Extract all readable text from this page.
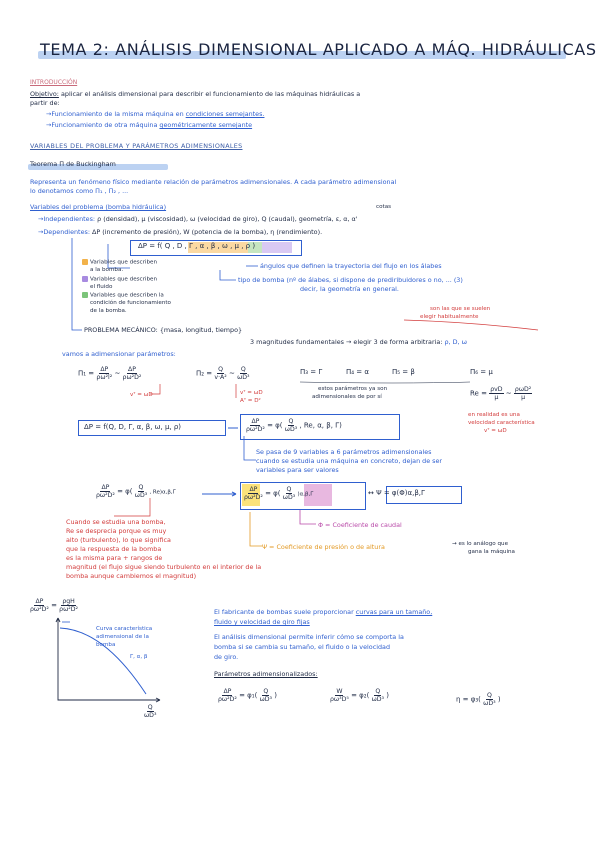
TEMA 2: ANÁLISIS DIMENSIONAL APLICADO A MÁQ. HIDRÁULICAS
INTRODUCCIÓN
Objetivo: aplicar el análisis dimensional para describir el funcionamiento de las máquinas hidráulicas a
partir de:
→Funcionamiento de la misma máquina en condiciones semejantes.
→Funcionamiento de otra máquina geométricamente semejante
VARIABLES DEL PROBLEMA Y PARÁMETROS ADIMENSIONALES
Teorema Π de Buckingham
Representa un fenómeno físico mediante relación de parámetros adimensionales. A cada parámetro adimensional
lo denotamos como Π₁ , Π₂ , ...
Variables del problema (bomba hidráulica)	cotas
→Independientes: ρ (densidad), μ (viscosidad), ω (velocidad de giro), Q (caudal), geometría, ε, α, α'
→Dependientes: ΔP (incremento de presión), W (potencia de la bomba), η (rendimiento).
ΔP = f( Q , D , Γ , α , β , ω , μ , ρ )
ángulos que definen la trayectoria del flujo en los álabes
tipo de bomba (nº de álabes, si dispone de prediribuidores o no, ... (3)
decir, la geometría en general.
Variables que describen
a la bomba.
Variables que describen
el fluido
Variables que describen la
condición de funcionamiento
de la bomba.	son las que se suelen
elegir habitualmente
PROBLEMA MECÁNICO: {masa, longitud, tiempo}
3 magnitudes fundamentales → elegir 3 de forma arbitraria: ρ, D, ω
vamos a adimensionar parámetros:
$\Pi_1 = \frac{\Delta P}{\text{ρω²l²}}$ ~ $\frac{\Delta P}{\text{ρω²D²}}$	$\Pi_2 = \frac{Q}{\text{v·A²}}$ ~ $\frac{Q}{\text{ωD³}}$	Π₃ = Γ	Π₄ = α	Π₅ = β	Π₆ = μ
vᵀ = ωD	vᵀ = ωD
Aᵀ = D²
estos parámetros ya son
adimensionales de por sí	$Re = \frac{\text{ρvD}}{\mu}$ ~ $\frac{\text{ρωD²}}{\mu}$
en realidad es una
velocidad característica
vᵀ = ωD
ΔP = f(Q, D, Γ, α, β, ω, μ, ρ)	$\frac{\Delta P}{\text{ρω²D²}} = \varphi( \frac{Q}{\text{ωD³}}$ , Re, α, β, Γ)
Se pasa de 9 variables a 6 parámetros adimensionales
cuando se estudia una máquina en concreto, dejan de ser
variables para ser valores
$\frac{\Delta P}{\text{ρω²D²}} = \varphi( \frac{Q}{\text{ωD³}}$ , Re)α,β,Γ	$\frac{\Delta P}{\text{ρω²D²}} = \varphi( \frac{Q}{\text{ωD³}} )\alpha,\beta,\Gamma$	↔ Ψ = φ(Φ)α,β,Γ
Φ = Coeficiente de caudal
Ψ = Coeficiente de presión o de altura	→ es lo análogo que
gana la máquina
Cuando se estudia una bomba,
Re se desprecia porque es muy
alto (turbulento), lo que significa
que la respuesta de la bomba
es la misma para + rangos de
magnitud (el flujo sigue siendo turbulento en el interior de la
bomba aunque cambiemos el magnitud)
$\frac{\Delta P}{\text{ρω²D²}} = \frac{\text{ρgH}}{\text{ρω²D²}}$
Curva característica
adimensional de la
bomba
Γ, α, β
$\frac{Q}{\text{ωD³}}$
El fabricante de bombas suele proporcionar curvas para un tamaño,
fluido y velocidad de giro fijas
El análisis dimensional permite inferir cómo se comporta la
bomba si se cambia su tamaño, el fluido o la velocidad
de giro.
Parámetros adimensionalizados:
$\frac{\Delta P}{\text{ρω²D²}} = \varphi_1( \frac{Q}{\text{ωD³}}$ )	$\frac{W}{\text{ρω³D⁵}} = \varphi_2( \frac{Q}{\text{ωD³}}$ )	$\eta = \varphi_3( \frac{Q}{\text{ωD³}}$ )
